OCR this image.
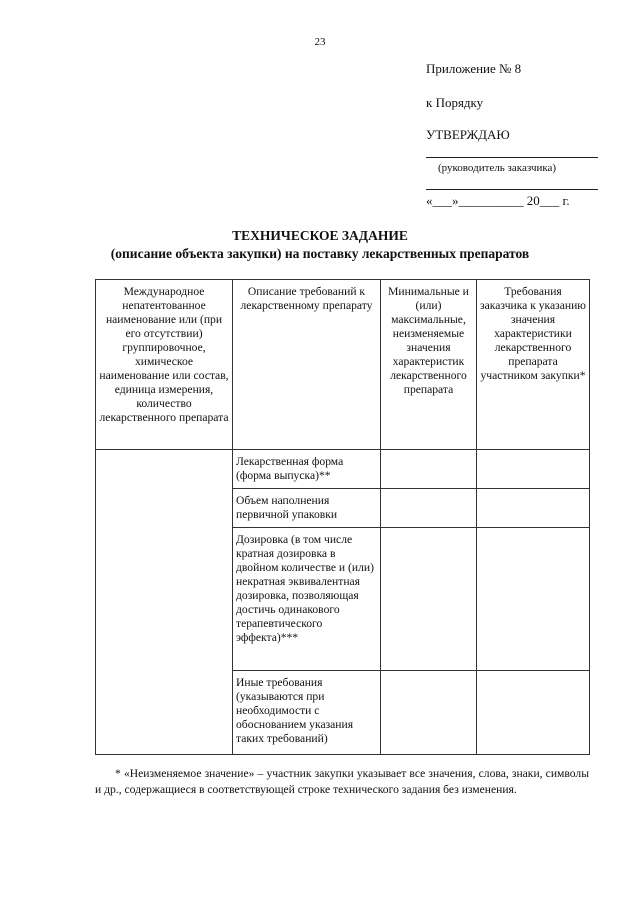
23
Приложение № 8
к Порядку
УТВЕРЖДАЮ
(руководитель заказчика)
«___»__________ 20___ г.
ТЕХНИЧЕСКОЕ ЗАДАНИЕ
(описание объекта закупки) на поставку лекарственных препаратов
Международное непатентованное наименование или (при его отсутствии) группировочное, химическое наименование или состав, единица измерения, количество лекарственного препарата	Описание требований к лекарственному препарату	Минимальные и (или) максимальные, неизменяемые значения характеристик лекарственного препарата	Требования заказчика к указанию значения характеристики лекарственного препарата участником закупки*
	Лекарственная форма (форма выпуска)**		
	Объем наполнения первичной упаковки		
	Дозировка (в том числе кратная дозировка в двойном количестве и (или) некратная эквивалентная дозировка, позволяющая достичь одинакового терапевтического эффекта)***		
	Иные требования (указываются при необходимости с обоснованием указания таких требований)		
* «Неизменяемое значение» – участник закупки указывает все значения, слова, знаки, символы и др., содержащиеся в соответствующей строке технического задания без изменения.
